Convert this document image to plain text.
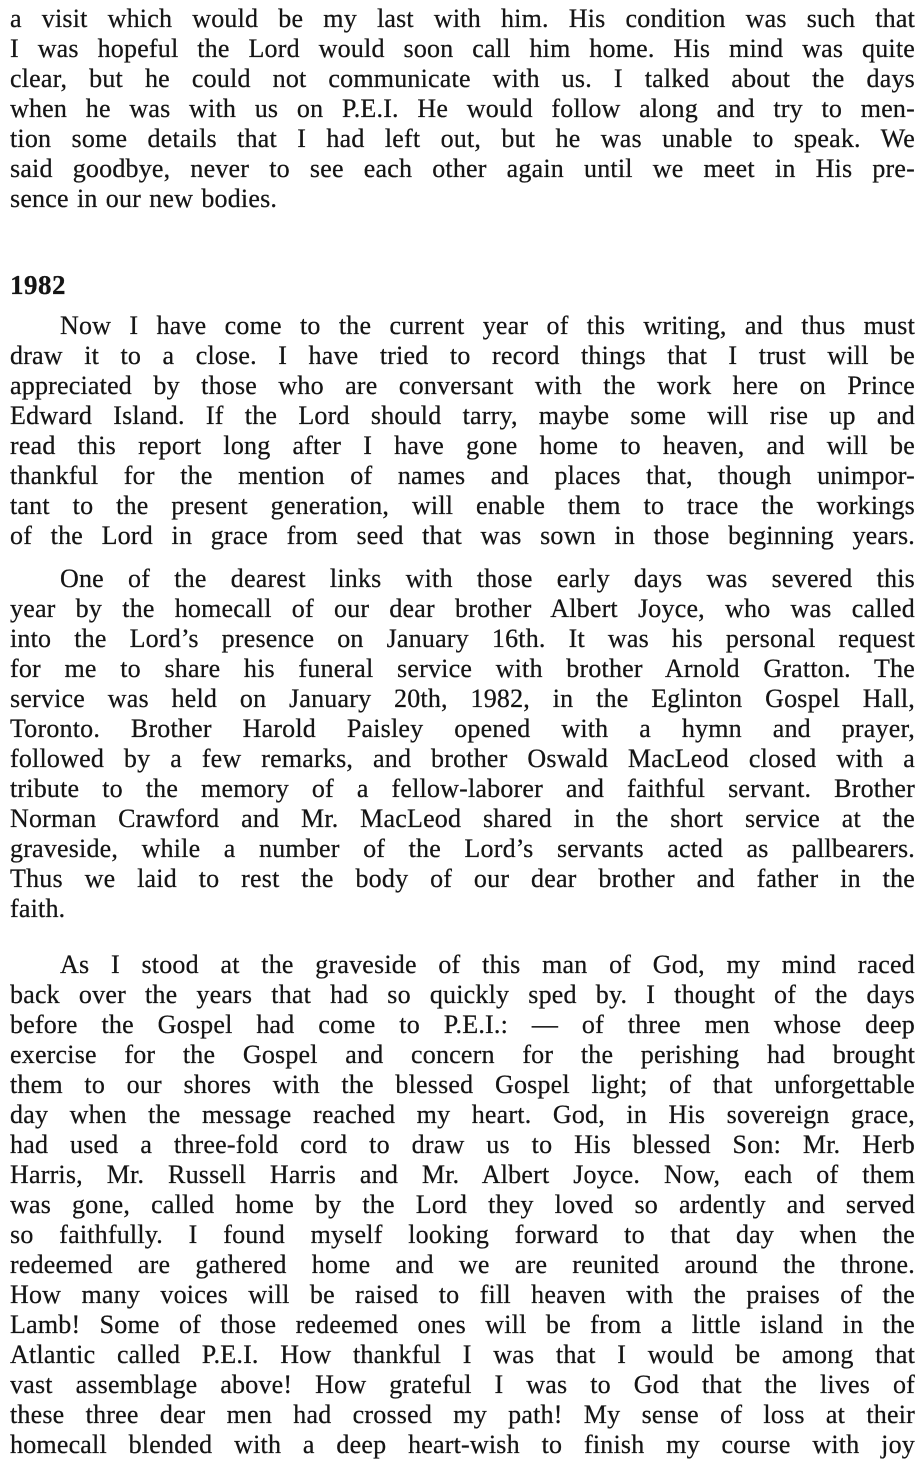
a visit which would be my last with him. His condition was such that
I was hopeful the Lord would soon call him home. His mind was quite
clear, but he could not communicate with us. I talked about the days
when he was with us on P.E.I. He would follow along and try to men-
tion some details that I had left out, but he was unable to speak. We
said goodbye, never to see each other again until we meet in His pre-
sence in our new bodies.
1982
Now I have come to the current year of this writing, and thus must
draw it to a close. I have tried to record things that I trust will be
appreciated by those who are conversant with the work here on Prince
Edward Island. If the Lord should tarry, maybe some will rise up and
read this report long after I have gone home to heaven, and will be
thankful for the mention of names and places that, though unimpor-
tant to the present generation, will enable them to trace the workings
of the Lord in grace from seed that was sown in those beginning years.
One of the dearest links with those early days was severed this
year by the homecall of our dear brother Albert Joyce, who was called
into the Lord’s presence on January 16th. It was his personal request
for me to share his funeral service with brother Arnold Gratton. The
service was held on January 20th, 1982, in the Eglinton Gospel Hall,
Toronto. Brother Harold Paisley opened with a hymn and prayer,
followed by a few remarks, and brother Oswald MacLeod closed with a
tribute to the memory of a fellow-laborer and faithful servant. Brother
Norman Crawford and Mr. MacLeod shared in the short service at the
graveside, while a number of the Lord’s servants acted as pallbearers.
Thus we laid to rest the body of our dear brother and father in the
faith.
As I stood at the graveside of this man of God, my mind raced
back over the years that had so quickly sped by. I thought of the days
before the Gospel had come to P.E.I.: — of three men whose deep
exercise for the Gospel and concern for the perishing had brought
them to our shores with the blessed Gospel light; of that unforgettable
day when the message reached my heart. God, in His sovereign grace,
had used a three-fold cord to draw us to His blessed Son: Mr. Herb
Harris, Mr. Russell Harris and Mr. Albert Joyce. Now, each of them
was gone, called home by the Lord they loved so ardently and served
so faithfully. I found myself looking forward to that day when the
redeemed are gathered home and we are reunited around the throne.
How many voices will be raised to fill heaven with the praises of the
Lamb! Some of those redeemed ones will be from a little island in the
Atlantic called P.E.I. How thankful I was that I would be among that
vast assemblage above! How grateful I was to God that the lives of
these three dear men had crossed my path! My sense of loss at their
homecall blended with a deep heart-wish to finish my course with joy
